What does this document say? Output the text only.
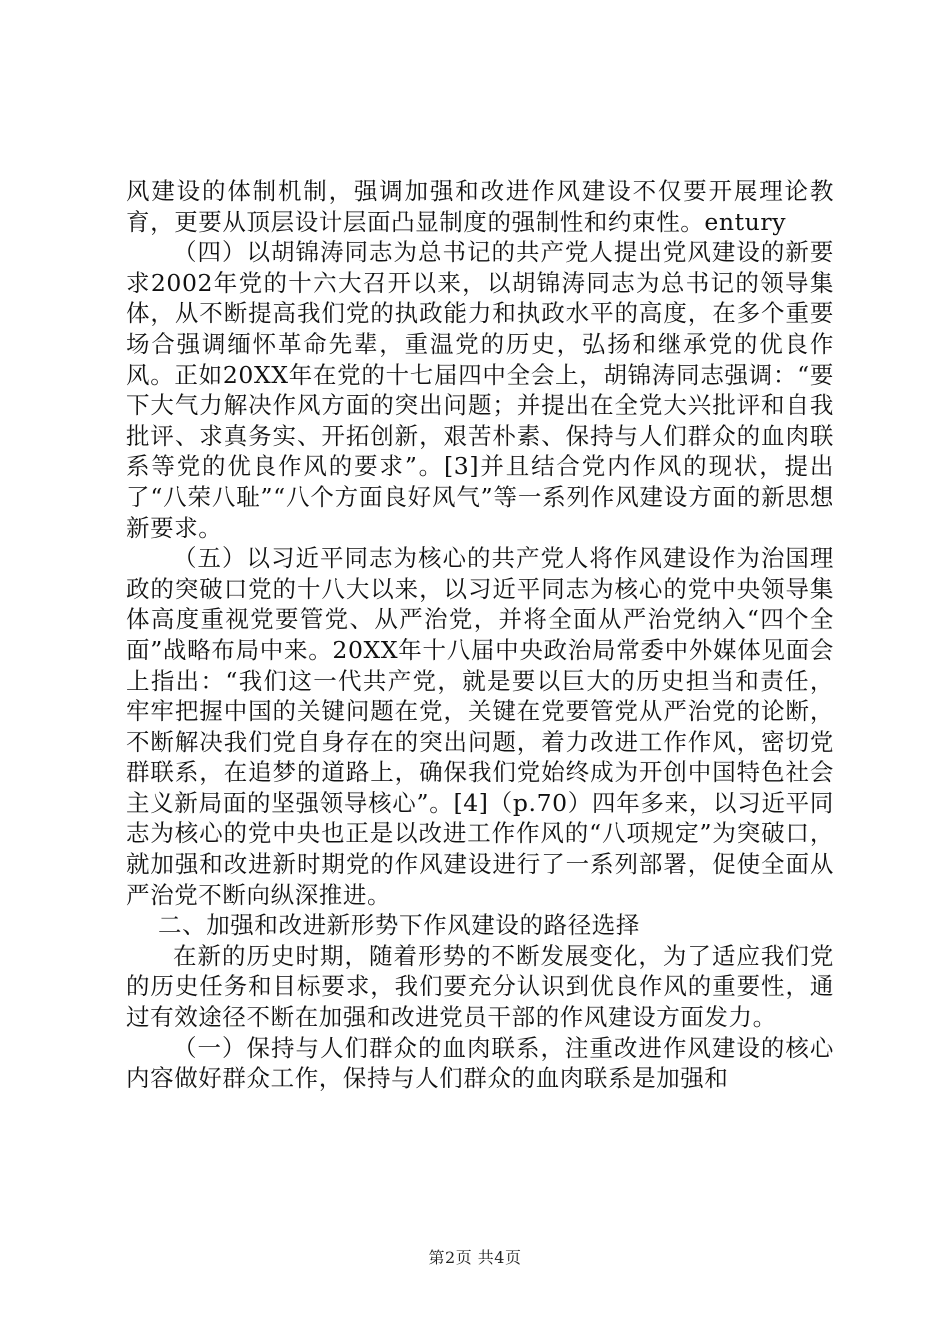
风建设的体制机制，强调加强和改进作风建设不仅要开展理论教育，更要从顶层设计层面凸显制度的强制性和约束性。entury

（四）以胡锦涛同志为总书记的共产党人提出党风建设的新要求2002年党的十六大召开以来，以胡锦涛同志为总书记的领导集体，从不断提高我们党的执政能力和执政水平的高度，在多个重要场合强调缅怀革命先辈，重温党的历史，弘扬和继承党的优良作风。正如20XX年在党的十七届四中全会上，胡锦涛同志强调：“要下大气力解决作风方面的突出问题；并提出在全党大兴批评和自我批评、求真务实、开拓创新，艰苦朴素、保持与人们群众的血肉联系等党的优良作风的要求”。[3]并且结合党内作风的现状，提出了“八荣八耻”“八个方面良好风气”等一系列作风建设方面的新思想新要求。

（五）以习近平同志为核心的共产党人将作风建设作为治国理政的突破口党的十八大以来，以习近平同志为核心的党中央领导集体高度重视党要管党、从严治党，并将全面从严治党纳入“四个全面”战略布局中来。20XX年十八届中央政治局常委中外媒体见面会上指出：“我们这一代共产党，就是要以巨大的历史担当和责任，牢牢把握中国的关键问题在党，关键在党要管党从严治党的论断，不断解决我们党自身存在的突出问题，着力改进工作作风，密切党群联系，在追梦的道路上，确保我们党始终成为开创中国特色社会主义新局面的坚强领导核心”。[4]（p.70）四年多来，以习近平同志为核心的党中央也正是以改进工作作风的“八项规定”为突破口，就加强和改进新时期党的作风建设进行了一系列部署，促使全面从严治党不断向纵深推进。

二、加强和改进新形势下作风建设的路径选择

在新的历史时期，随着形势的不断发展变化，为了适应我们党的历史任务和目标要求，我们要充分认识到优良作风的重要性，通过有效途径不断在加强和改进党员干部的作风建设方面发力。

（一）保持与人们群众的血肉联系，注重改进作风建设的核心内容做好群众工作，保持与人们群众的血肉联系是加强和

第2页 共4页
